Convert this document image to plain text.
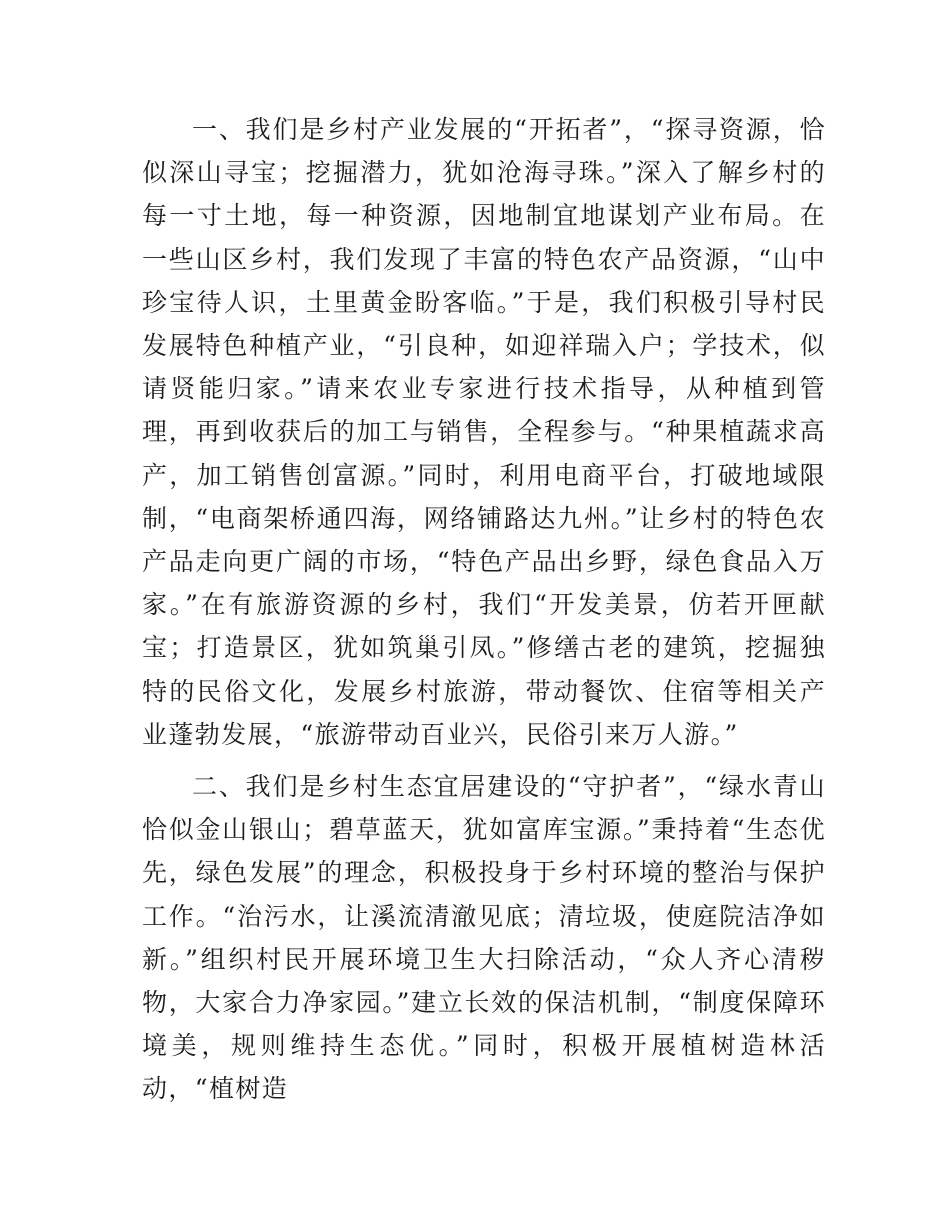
一、我们是乡村产业发展的“开拓者”，“探寻资源，恰似深山寻宝；挖掘潜力，犹如沧海寻珠。”深入了解乡村的每一寸土地，每一种资源，因地制宜地谋划产业布局。在一些山区乡村，我们发现了丰富的特色农产品资源，“山中珍宝待人识，土里黄金盼客临。”于是，我们积极引导村民发展特色种植产业，“引良种，如迎祥瑞入户；学技术，似请贤能归家。”请来农业专家进行技术指导，从种植到管理，再到收获后的加工与销售，全程参与。“种果植蔬求高产，加工销售创富源。”同时，利用电商平台，打破地域限制，“电商架桥通四海，网络铺路达九州。”让乡村的特色农产品走向更广阔的市场，“特色产品出乡野，绿色食品入万家。”在有旅游资源的乡村，我们“开发美景，仿若开匣献宝；打造景区，犹如筑巢引凤。”修缮古老的建筑，挖掘独特的民俗文化，发展乡村旅游，带动餐饮、住宿等相关产业蓬勃发展，“旅游带动百业兴，民俗引来万人游。”

二、我们是乡村生态宜居建设的“守护者”，“绿水青山恰似金山银山；碧草蓝天，犹如富库宝源。”秉持着“生态优先，绿色发展”的理念，积极投身于乡村环境的整治与保护工作。“治污水，让溪流清澈见底；清垃圾，使庭院洁净如新。”组织村民开展环境卫生大扫除活动，“众人齐心清秽物，大家合力净家园。”建立长效的保洁机制，“制度保障环境美，规则维持生态优。”同时，积极开展植树造林活动，“植树造
